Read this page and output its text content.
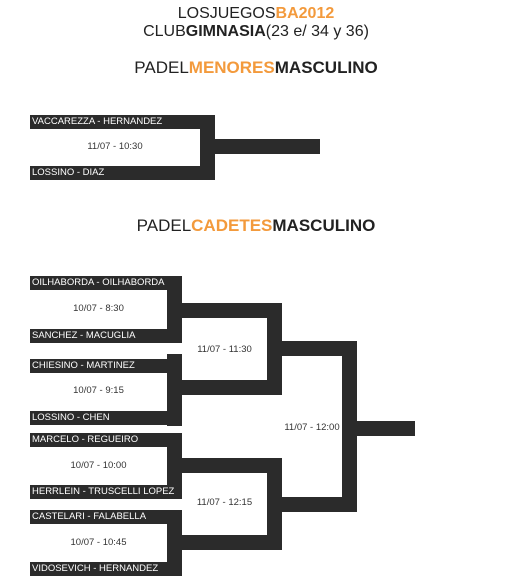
LOSJUEGOSBA2012
CLUBGIMNASIA(23 e/ 34 y 36)
PADELMENORESMASCULINO
PADELCADETESMASCULINO
VACCAREZZA - HERNANDEZ
LOSSINO - DIAZ
11/07 - 10:30
OILHABORDA - OILHABORDA
10/07 - 8:30
SANCHEZ - MACUGLIA
CHIESINO - MARTINEZ
10/07 - 9:15
LOSSINO - CHEN
MARCELO - REGUEIRO
10/07 - 10:00
HERRLEIN - TRUSCELLI LOPEZ
CASTELARI - FALABELLA
10/07 - 10:45
VIDOSEVICH - HERNANDEZ
11/07 - 11:30
11/07 - 12:15
11/07 - 12:00
